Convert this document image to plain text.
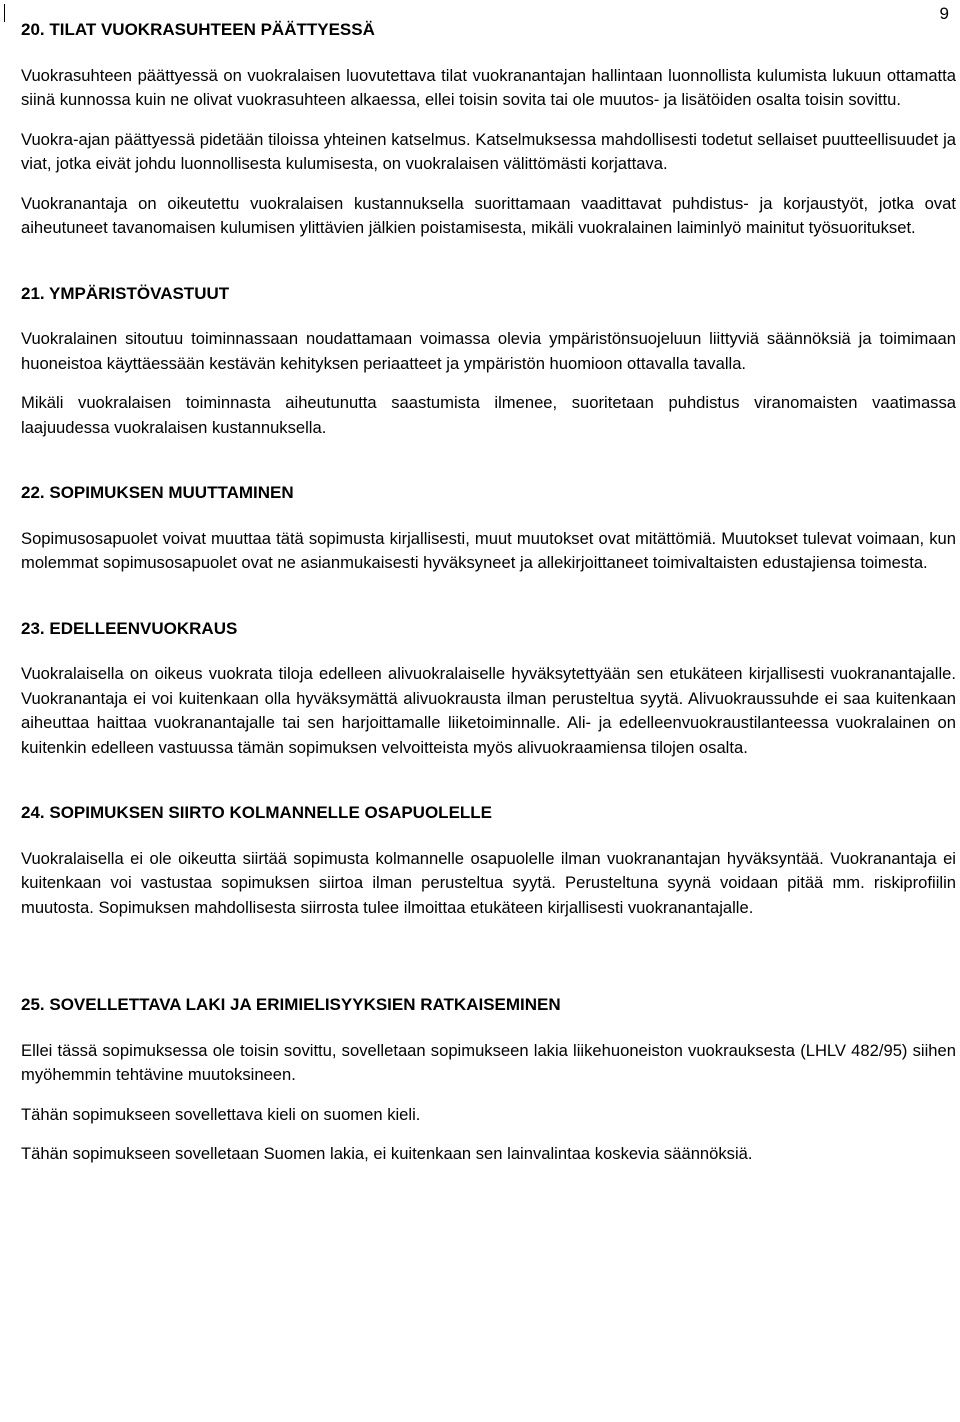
9
20. TILAT VUOKRASUHTEEN PÄÄTTYESSÄ

Vuokrasuhteen päättyessä on vuokralaisen luovutettava tilat vuokranantajan hallintaan luonnollista kulumista lukuun ottamatta siinä kunnossa kuin ne olivat vuokrasuhteen alkaessa, ellei toisin sovita tai ole muutos- ja lisätöiden osalta toisin sovittu.

Vuokra-ajan päättyessä pidetään tiloissa yhteinen katselmus. Katselmuksessa mahdollisesti todetut sellaiset puutteellisuudet ja viat, jotka eivät johdu luonnollisesta kulumisesta, on vuokralaisen välittömästi korjattava.

Vuokranantaja on oikeutettu vuokralaisen kustannuksella suorittamaan vaadittavat puhdistus- ja korjaustyöt, jotka ovat aiheutuneet tavanomaisen kulumisen ylittävien jälkien poistamisesta, mikäli vuokralainen laiminlyö mainitut työsuoritukset.

21. YMPÄRISTÖVASTUUT

Vuokralainen sitoutuu toiminnassaan noudattamaan voimassa olevia ympäristönsuojeluun liittyviä säännöksiä ja toimimaan huoneistoa käyttäessään kestävän kehityksen periaatteet ja ympäristön huomioon ottavalla tavalla.

Mikäli vuokralaisen toiminnasta aiheutunutta saastumista ilmenee, suoritetaan puhdistus viranomaisten vaatimassa laajuudessa vuokralaisen kustannuksella.

22. SOPIMUKSEN MUUTTAMINEN

Sopimusosapuolet voivat muuttaa tätä sopimusta kirjallisesti, muut muutokset ovat mitättömiä. Muutokset tulevat voimaan, kun molemmat sopimusosapuolet ovat ne asianmukaisesti hyväksyneet ja allekirjoittaneet toimivaltaisten edustajiensa toimesta.

23. EDELLEENVUOKRAUS

Vuokralaisella on oikeus vuokrata tiloja edelleen alivuokralaiselle hyväksytettyään sen etukäteen kirjallisesti vuokranantajalle. Vuokranantaja ei voi kuitenkaan olla hyväksymättä alivuokrausta ilman perusteltua syytä. Alivuokraussuhde ei saa kuitenkaan aiheuttaa haittaa vuokranantajalle tai sen harjoittamalle liiketoiminnalle. Ali- ja edelleenvuokraustilanteessa vuokralainen on kuitenkin edelleen vastuussa tämän sopimuksen velvoitteista myös alivuokraamiensa tilojen osalta.

24. SOPIMUKSEN SIIRTO KOLMANNELLE OSAPUOLELLE

Vuokralaisella ei ole oikeutta siirtää sopimusta kolmannelle osapuolelle ilman vuokranantajan hyväksyntää. Vuokranantaja ei kuitenkaan voi vastustaa sopimuksen siirtoa ilman perusteltua syytä. Perusteltuna syynä voidaan pitää mm. riskiprofiilin muutosta. Sopimuksen mahdollisesta siirrosta tulee ilmoittaa etukäteen kirjallisesti vuokranantajalle.

25. SOVELLETTAVA LAKI JA ERIMIELISYYKSIEN RATKAISEMINEN

Ellei tässä sopimuksessa ole toisin sovittu, sovelletaan sopimukseen lakia liikehuoneiston vuokrauksesta (LHLV 482/95) siihen myöhemmin tehtävine muutoksineen.

Tähän sopimukseen sovellettava kieli on suomen kieli.

Tähän sopimukseen sovelletaan Suomen lakia, ei kuitenkaan sen lainvalintaa koskevia säännöksiä.
